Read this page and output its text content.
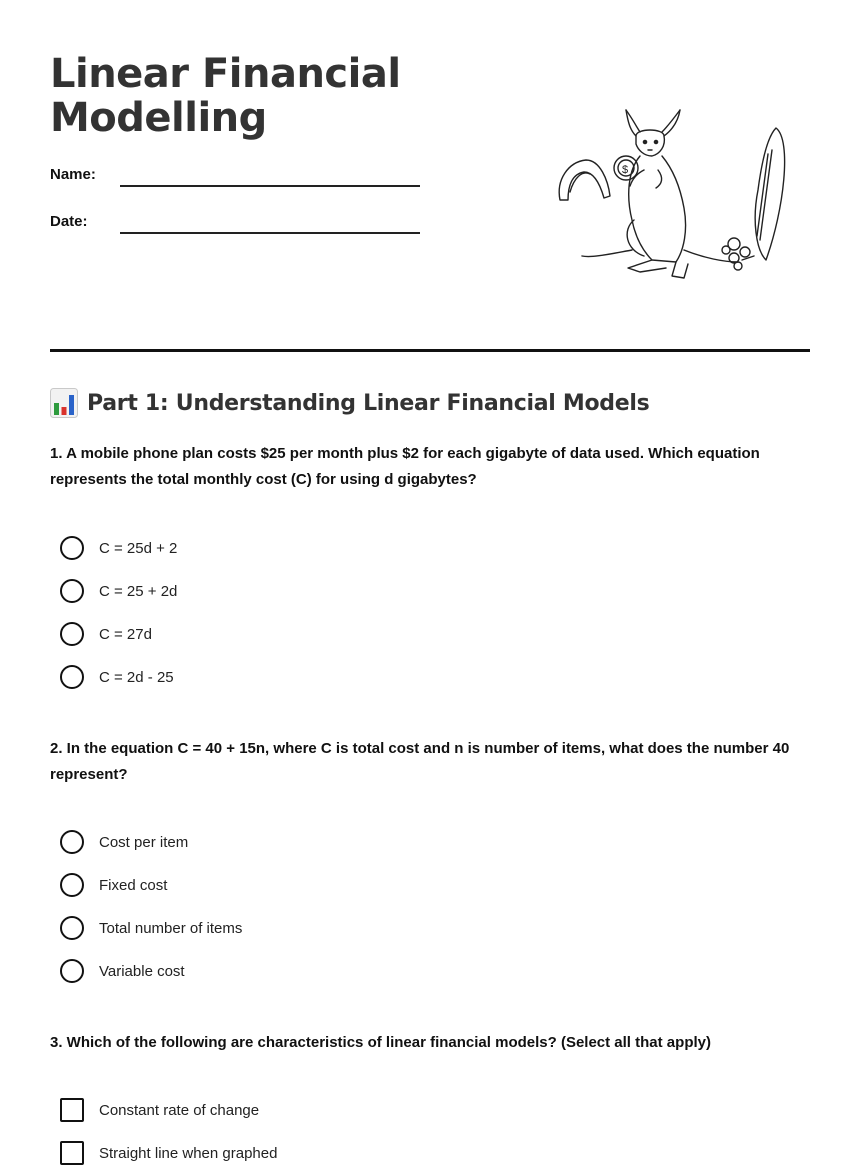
Linear Financial
Modelling
Name:
Date:
$
Part 1: Understanding Linear Financial Models

1. A mobile phone plan costs $25 per month plus $2 for each gigabyte of data used. Which equation represents the total monthly cost (C) for using d gigabytes?

C = 25d + 2
C = 25 + 2d
C = 27d
C = 2d - 25

2. In the equation C = 40 + 15n, where C is total cost and n is number of items, what does the number 40 represent?

Cost per item
Fixed cost
Total number of items
Variable cost

3. Which of the following are characteristics of linear financial models? (Select all that apply)

Constant rate of change
Straight line when graphed
